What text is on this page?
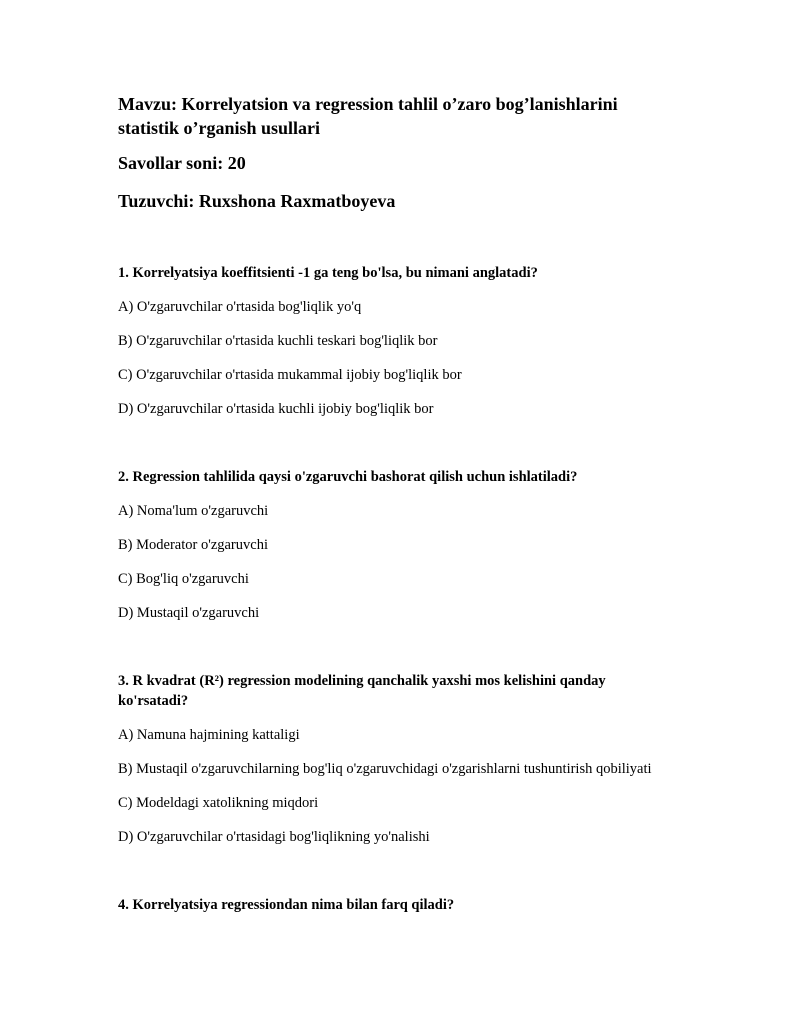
Mavzu: Korrelyatsion va regression tahlil o’zaro bog’lanishlarini statistik o’rganish usullari

Savollar soni: 20

Tuzuvchi: Ruxshona Raxmatboyeva

1. Korrelyatsiya koeffitsienti -1 ga teng bo'lsa, bu nimani anglatadi?

A) O'zgaruvchilar o'rtasida bog'liqlik yo'q

B) O'zgaruvchilar o'rtasida kuchli teskari bog'liqlik bor

C) O'zgaruvchilar o'rtasida mukammal ijobiy bog'liqlik bor

D) O'zgaruvchilar o'rtasida kuchli ijobiy bog'liqlik bor

2. Regression tahlilida qaysi o'zgaruvchi bashorat qilish uchun ishlatiladi?

A) Noma'lum o'zgaruvchi

B) Moderator o'zgaruvchi

C) Bog'liq o'zgaruvchi

D) Mustaqil o'zgaruvchi

3. R kvadrat (R²) regression modelining qanchalik yaxshi mos kelishini qanday ko'rsatadi?

A) Namuna hajmining kattaligi

B) Mustaqil o'zgaruvchilarning bog'liq o'zgaruvchidagi o'zgarishlarni tushuntirish qobiliyati

C) Modeldagi xatolikning miqdori

D) O'zgaruvchilar o'rtasidagi bog'liqlikning yo'nalishi

4. Korrelyatsiya regressiondan nima bilan farq qiladi?
